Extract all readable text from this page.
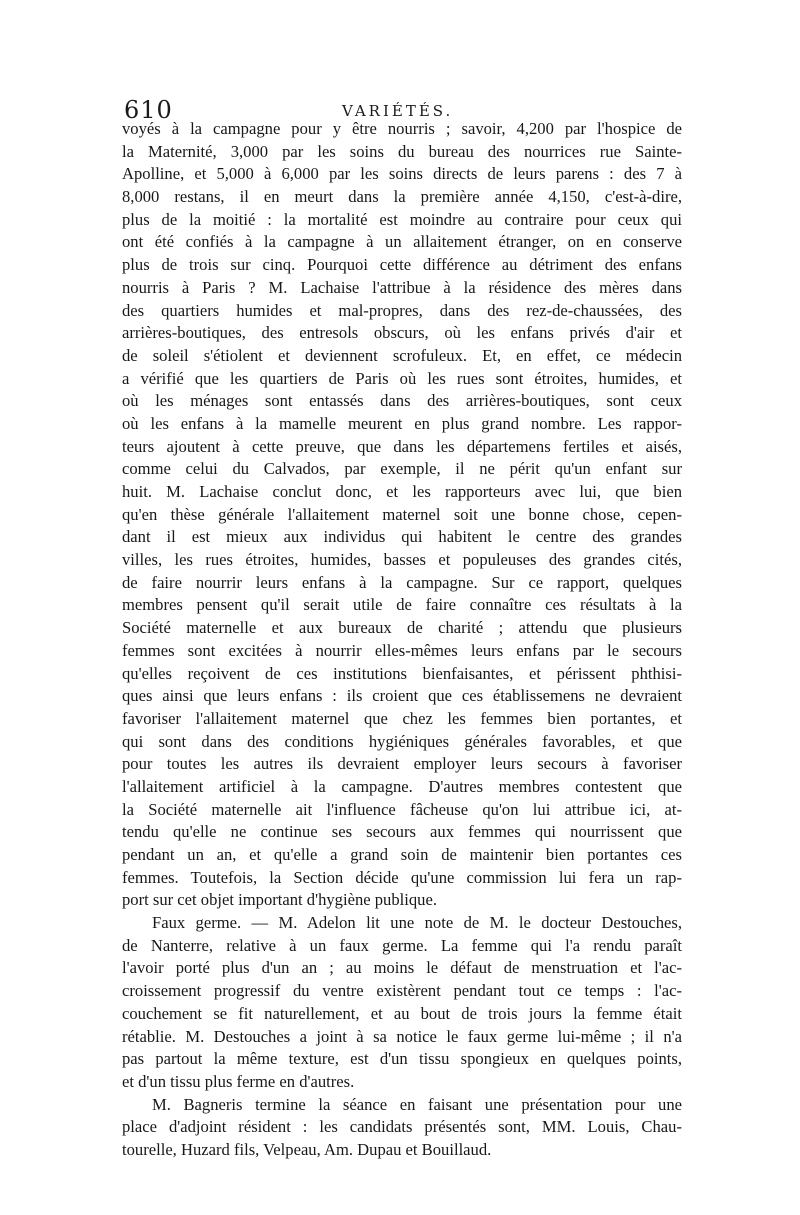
610	VARIÉTÉS.
voyés à la campagne pour y être nourris ; savoir, 4,200 par l'hospice de
la Maternité, 3,000 par les soins du bureau des nourrices rue Sainte-
Apolline, et 5,000 à 6,000 par les soins directs de leurs parens : des 7 à
8,000 restans, il en meurt dans la première année 4,150, c'est-à-dire,
plus de la moitié : la mortalité est moindre au contraire pour ceux qui
ont été confiés à la campagne à un allaitement étranger, on en conserve
plus de trois sur cinq. Pourquoi cette différence au détriment des enfans
nourris à Paris ? M. Lachaise l'attribue à la résidence des mères dans
des quartiers humides et mal-propres, dans des rez-de-chaussées, des
arrières-boutiques, des entresols obscurs, où les enfans privés d'air et
de soleil s'étiolent et deviennent scrofuleux. Et, en effet, ce médecin
a vérifié que les quartiers de Paris où les rues sont étroites, humides, et
où les ménages sont entassés dans des arrières-boutiques, sont ceux
où les enfans à la mamelle meurent en plus grand nombre. Les rappor-
teurs ajoutent à cette preuve, que dans les départemens fertiles et aisés,
comme celui du Calvados, par exemple, il ne périt qu'un enfant sur
huit. M. Lachaise conclut donc, et les rapporteurs avec lui, que bien
qu'en thèse générale l'allaitement maternel soit une bonne chose, cepen-
dant il est mieux aux individus qui habitent le centre des grandes
villes, les rues étroites, humides, basses et populeuses des grandes cités,
de faire nourrir leurs enfans à la campagne. Sur ce rapport, quelques
membres pensent qu'il serait utile de faire connaître ces résultats à la
Société maternelle et aux bureaux de charité ; attendu que plusieurs
femmes sont excitées à nourrir elles-mêmes leurs enfans par le secours
qu'elles reçoivent de ces institutions bienfaisantes, et périssent phthisi-
ques ainsi que leurs enfans : ils croient que ces établissemens ne devraient
favoriser l'allaitement maternel que chez les femmes bien portantes, et
qui sont dans des conditions hygiéniques générales favorables, et que
pour toutes les autres ils devraient employer leurs secours à favoriser
l'allaitement artificiel à la campagne. D'autres membres contestent que
la Société maternelle ait l'influence fâcheuse qu'on lui attribue ici, at-
tendu qu'elle ne continue ses secours aux femmes qui nourrissent que
pendant un an, et qu'elle a grand soin de maintenir bien portantes ces
femmes. Toutefois, la Section décide qu'une commission lui fera un rap-
port sur cet objet important d'hygiène publique.
Faux germe. — M. Adelon lit une note de M. le docteur Destouches,
de Nanterre, relative à un faux germe. La femme qui l'a rendu paraît
l'avoir porté plus d'un an ; au moins le défaut de menstruation et l'ac-
croissement progressif du ventre existèrent pendant tout ce temps : l'ac-
couchement se fit naturellement, et au bout de trois jours la femme était
rétablie. M. Destouches a joint à sa notice le faux germe lui-même ; il n'a
pas partout la même texture, est d'un tissu spongieux en quelques points,
et d'un tissu plus ferme en d'autres.
M. Bagneris termine la séance en faisant une présentation pour une
place d'adjoint résident : les candidats présentés sont, MM. Louis, Chau-
tourelle, Huzard fils, Velpeau, Am. Dupau et Bouillaud.
